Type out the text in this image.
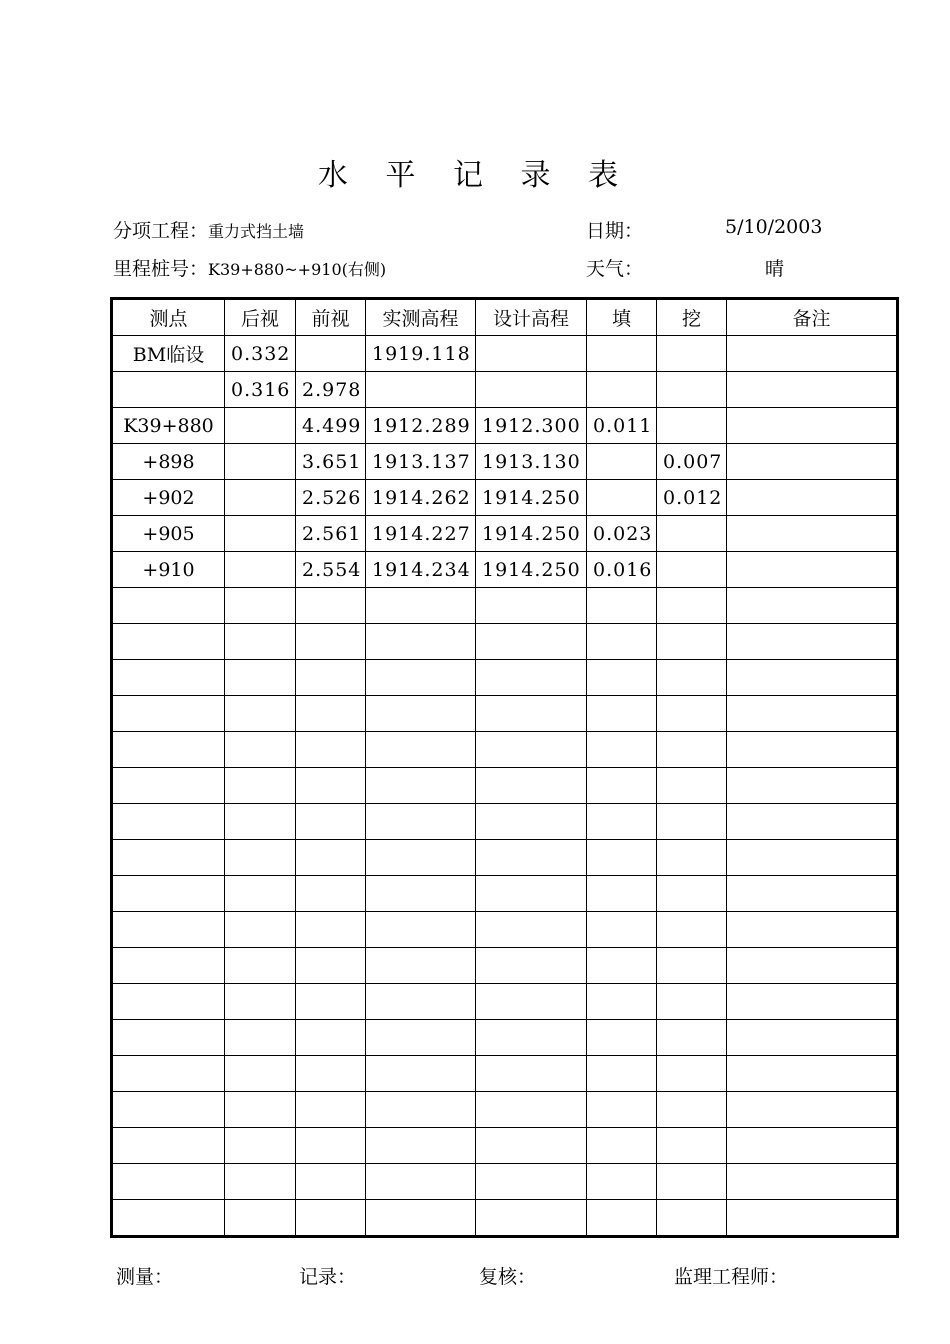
水 平 记 录 表
分项工程：重力式挡土墙
里程桩号：K39+880~+910(右侧)
日期：	5/10/2003
天气：	晴
测点	后视	前视	实测高程	设计高程	填	挖	备注
BM临设	0.332		1919.118				
	0.316	2.978					
K39+880		4.499	1912.289	1912.300	0.011		
+898		3.651	1913.137	1913.130		0.007	
+902		2.526	1914.262	1914.250		0.012	
+905		2.561	1914.227	1914.250	0.023		
+910		2.554	1914.234	1914.250	0.016		

测量：	记录：	复核：	监理工程师：
